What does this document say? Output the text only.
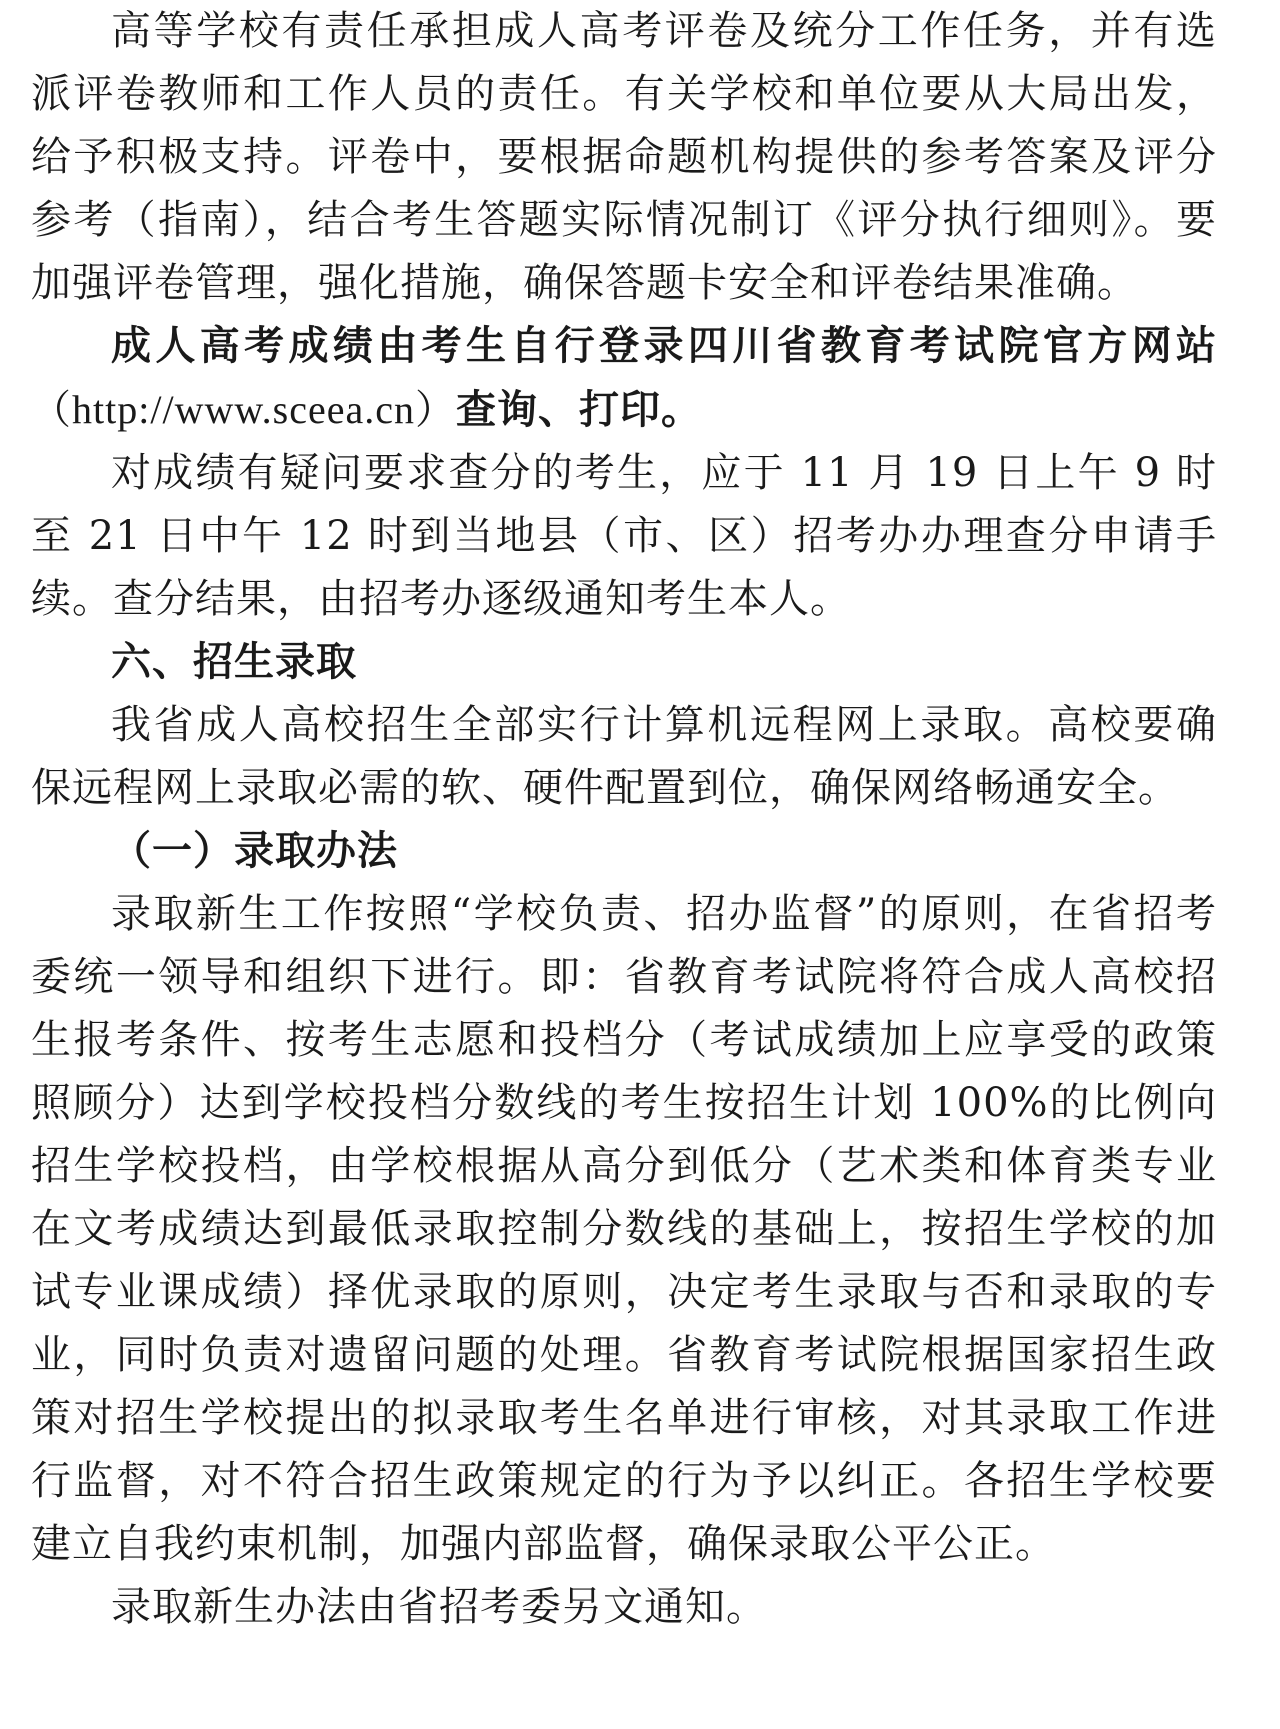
高等学校有责任承担成人高考评卷及统分工作任务，并有选派评卷教师和工作人员的责任。有关学校和单位要从大局出发，给予积极支持。评卷中，要根据命题机构提供的参考答案及评分参考（指南），结合考生答题实际情况制订《评分执行细则》。要加强评卷管理，强化措施，确保答题卡安全和评卷结果准确。

成人高考成绩由考生自行登录四川省教育考试院官方网站（http://www.sceea.cn）查询、打印。

对成绩有疑问要求查分的考生，应于 11 月 19 日上午 9 时至 21 日中午 12 时到当地县（市、区）招考办办理查分申请手续。查分结果，由招考办逐级通知考生本人。

六、招生录取

我省成人高校招生全部实行计算机远程网上录取。高校要确保远程网上录取必需的软、硬件配置到位，确保网络畅通安全。

（一）录取办法

录取新生工作按照“学校负责、招办监督”的原则，在省招考委统一领导和组织下进行。即：省教育考试院将符合成人高校招生报考条件、按考生志愿和投档分（考试成绩加上应享受的政策照顾分）达到学校投档分数线的考生按招生计划 100%的比例向招生学校投档，由学校根据从高分到低分（艺术类和体育类专业在文考成绩达到最低录取控制分数线的基础上，按招生学校的加试专业课成绩）择优录取的原则，决定考生录取与否和录取的专业，同时负责对遗留问题的处理。省教育考试院根据国家招生政策对招生学校提出的拟录取考生名单进行审核，对其录取工作进行监督，对不符合招生政策规定的行为予以纠正。各招生学校要建立自我约束机制，加强内部监督，确保录取公平公正。

录取新生办法由省招考委另文通知。
